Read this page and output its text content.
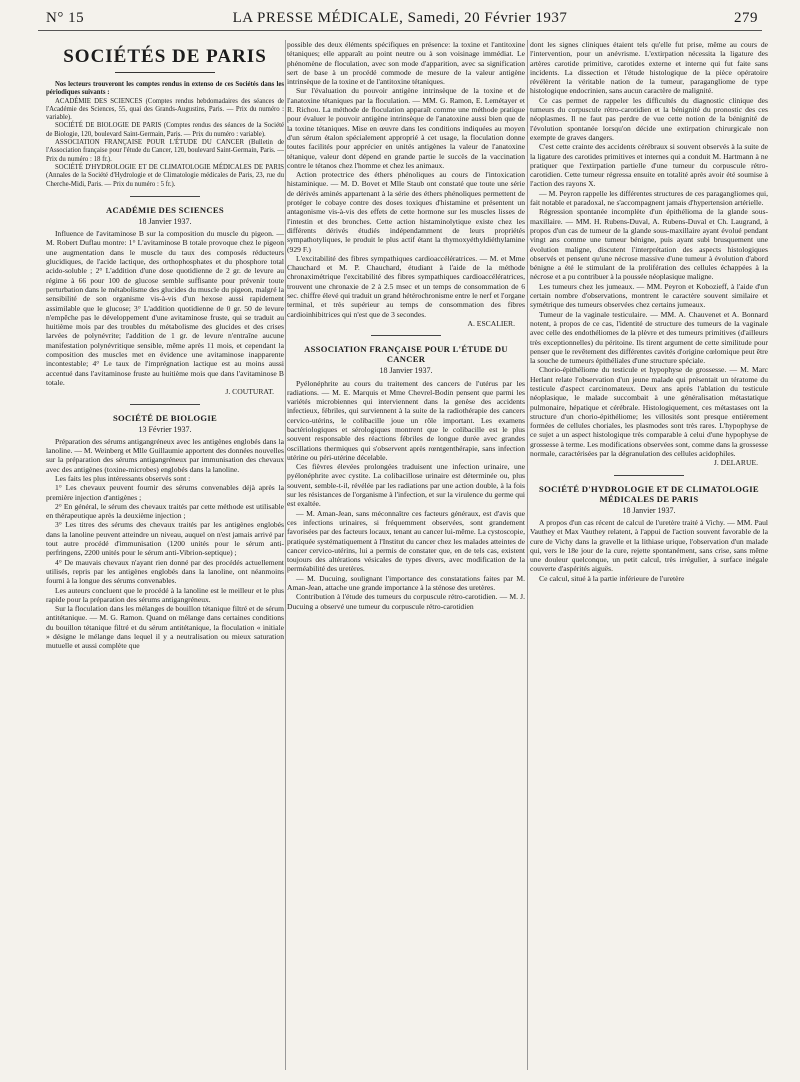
N° 15	LA PRESSE MÉDICALE, Samedi, 20 Février 1937	279
SOCIÉTÉS DE PARIS

Nos lecteurs trouveront les comptes rendus in extenso de ces Sociétés dans les périodiques suivants :

ACADÉMIE DES SCIENCES (Comptes rendus hebdomadaires des séances de l'Académie des Sciences, 55, quai des Grands-Augustins, Paris. — Prix du numéro : variable).

SOCIÉTÉ DE BIOLOGIE DE PARIS (Comptes rendus des séances de la Société de Biologie, 120, boulevard Saint-Germain, Paris. — Prix du numéro : variable).

ASSOCIATION FRANÇAISE POUR L'ÉTUDE DU CANCER (Bulletin de l'Association française pour l'étude du Cancer, 120, boulevard Saint-Germain, Paris. — Prix du numéro : 18 fr.).

SOCIÉTÉ D'HYDROLOGIE ET DE CLIMATOLOGIE MÉDICALES DE PARIS (Annales de la Société d'Hydrologie et de Climatologie médicales de Paris, 23, rue du Cherche-Midi, Paris. — Prix du numéro : 5 fr.).

ACADÉMIE DES SCIENCES
18 Janvier 1937.

Influence de l'avitaminose B sur la composition du muscle du pigeon. — M. Robert Duflau montre: 1° L'avitaminose B totale provoque chez le pigeon une augmentation dans le muscle du taux des composés réducteurs glucidiques, de l'acide lactique, des orthophosphates et du phosphore total acido-soluble ; 2° L'addition d'une dose quotidienne de 2 gr. de levure au régime à 66 pour 100 de glucose semble suffisante pour prévenir toute perturbation dans le métabolisme des glucides du muscle du pigeon, malgré la sensibilité de son organisme vis-à-vis d'un hexose aussi rapidement assimilable que le glucose; 3° L'addition quotidienne de 0 gr. 50 de levure n'empêche pas le développement d'une avitaminose fruste, qui se traduit au huitième mois par des troubles du métabolisme des glucides et des crises larvées de polynévrite; l'addition de 1 gr. de levure n'entraîne aucune manifestation polynévritique sensible, même après 11 mois, et cependant la composition des muscles met en évidence une avitaminose inapparente incontestable; 4° Le taux de l'imprégnation lactique est au moins aussi accentué dans l'avitaminose fruste au huitième mois que dans l'avitaminose B totale.

J. COUTURAT.

SOCIÉTÉ DE BIOLOGIE
13 Février 1937.

Préparation des sérums antigangréneux avec les antigènes englobés dans la lanoline. — M. Weinberg et Mlle Guillaumie apportent des données nouvelles sur la préparation des sérums antigangréneux par immunisation des chevaux avec des antigènes (toxine-microbes) englobés dans la lanoline.

Les faits les plus intéressants observés sont :

1° Les chevaux peuvent fournir des sérums convenables déjà après la première injection d'antigènes ;

2° En général, le sérum des chevaux traités par cette méthode est utilisable en thérapeutique après la deuxième injection ;

3° Les titres des sérums des chevaux traités par les antigènes englobés dans la lanoline peuvent atteindre un niveau, auquel on n'est jamais arrivé par tout autre procédé d'immunisation (1200 unités pour le sérum anti-perfringens, 2200 unités pour le sérum anti-Vibrion-septique) ;

4° De mauvais chevaux n'ayant rien donné par des procédés actuellement utilisés, repris par les antigènes englobés dans la lanoline, ont néanmoins fourni à la longue des sérums convenables.

Les auteurs concluent que le procédé à la lanoline est le meilleur et le plus rapide pour la préparation des sérums antigangréneux.

Sur la floculation dans les mélanges de bouillon tétanique filtré et de sérum antitétanique. — M. G. Ramon. Quand on mélange dans certaines conditions du bouillon tétanique filtré et du sérum antitétanique, la floculation « initiale » désigne le mélange dans lequel il y a neutralisation ou mieux saturation mutuelle et aussi complète que

possible des deux éléments spécifiques en présence: la toxine et l'antitoxine tétaniques; elle apparaît au point neutre ou à son voisinage immédiat. Le phénomène de floculation, avec son mode d'apparition, avec sa signification sert de base à un procédé commode de mesure de la valeur antigène intrinsèque de la toxine et de l'antitoxine tétaniques.

Sur l'évaluation du pouvoir antigène intrinsèque de la toxine et de l'anatoxine tétaniques par la floculation. — MM. G. Ramon, E. Lemétayer et R. Richou. La méthode de floculation apparaît comme une méthode pratique pour évaluer le pouvoir antigène intrinsèque de l'anatoxine aussi bien que de la toxine tétaniques. Mise en œuvre dans les conditions indiquées au moyen d'un sérum étalon spécialement approprié à cet usage, la floculation donne toutes facilités pour apprécier en unités antigènes la valeur de l'anatoxine tétanique, valeur dont dépend en grande partie le succès de la vaccination contre le tétanos chez l'homme et chez les animaux.

Action protectrice des éthers phénoliques au cours de l'intoxication histaminique. — M. D. Bovet et Mlle Staub ont constaté que toute une série de dérivés aminés appartenant à la série des éthers phénoliques permettent de protéger le cobaye contre des doses toxiques d'histamine et présentent un antagonisme vis-à-vis des effets de cette hormone sur les muscles lisses de l'intestin et des bronches. Cette action histaminolytique existe chez les différents dérivés étudiés indépendamment de leurs propriétés sympathotyliques, le produit le plus actif étant la thymoxyéthyldiéthylamine (929 F.)

L'excitabilité des fibres sympathiques cardioaccélératrices. — M. et Mme Chauchard et M. P. Chauchard, étudiant à l'aide de la méthode chronaximétrique l'excitabilité des fibres sympathiques cardioaccélératrices, trouvent une chronaxie de 2 à 2.5 msec et un temps de consommation de 6 sec. chiffre élevé qui traduit un grand hétérochronisme entre le nerf et l'organe terminal, et très supérieur au temps de consommation des fibres cardioinhibitrices qui n'est que de 3 secondes.

A. ESCALIER.

ASSOCIATION FRANÇAISE POUR L'ÉTUDE DU CANCER
18 Janvier 1937.

Pyélonéphrite au cours du traitement des cancers de l'utérus par les radiations. — M. E. Marquis et Mme Chevrel-Bodin pensent que parmi les variétés microbiennes qui interviennent dans la genèse des accidents infectieux, fébriles, qui surviennent à la suite de la radiothérapie des cancers cervico-utérins, le colibacille joue un rôle important. Les examens bactériologiques et sérologiques montrent que le colibacille est le plus souvent responsable des réactions fébriles de longue durée avec grandes oscillations thermiques qui s'observent après rœntgenthérapie, sans infection utérine ou péri-utérine décelable.

Ces fièvres élevées prolongées traduisent une infection urinaire, une pyélonéphrite avec cystite. La colibacillose urinaire est déterminée ou, plus souvent, semble-t-il, révélée par les radiations par une action double, à la fois sur les résistances de l'organisme à l'infection, et sur la virulence du germe qui est exaltée.

— M. Aman-Jean, sans méconnaître ces facteurs généraux, est d'avis que ces infections urinaires, si fréquemment observées, sont grandement favorisées par des facteurs locaux, tenant au cancer lui-même. La cystoscopie, pratiquée systématiquement à l'Institut du cancer chez les malades atteintes de cancer cervico-utérins, lui a permis de constater que, en de tels cas, existent toujours des altérations vésicales de types divers, avec modification de la perméabilité des uretères.

— M. Ducuing, soulignant l'importance des constatations faites par M. Aman-Jean, attache une grande importance à la sténose des uretères.

Contribution à l'étude des tumeurs du corpuscule rétro-carotidien. — M. J. Ducuing a observé une tumeur du corpuscule rétro-carotidien

dont les signes cliniques étaient tels qu'elle fut prise, même au cours de l'intervention, pour un anévrisme. L'extirpation nécessita la ligature des artères carotide primitive, carotides externe et interne qui fut faite sans incidents. La dissection et l'étude histologique de la pièce opératoire révélèrent la véritable nation de la tumeur, paragangliome de type histologique endocrinien, sans aucun caractère de malignité.

Ce cas permet de rappeler les difficultés du diagnostic clinique des tumeurs du corpuscule rétro-carotidien et la bénignité du pronostic des ces néoplasmes. Il ne faut pas perdre de vue cette notion de la bénignité de l'évolution spontanée lorsqu'on décide une extirpation chirurgicale non exempte de graves dangers.

C'est cette crainte des accidents cérébraux si souvent observés à la suite de la ligature des carotides primitives et internes qui a conduit M. Hartmann à ne pratiquer que l'extirpation partielle d'une tumeur du corpuscule rétro-carotidien. Cette tumeur régressa ensuite en totalité après avoir été soumise à l'action des rayons X.

— M. Peyron rappelle les différentes structures de ces paragangliomes qui, fait notable et paradoxal, ne s'accompagnent jamais d'hypertension artérielle.

Régression spontanée incomplète d'un épithélioma de la glande sous-maxillaire. — MM. H. Rubens-Duval, A. Rubens-Duval et Ch. Laugrand, à propos d'un cas de tumeur de la glande sous-maxillaire ayant évolué pendant vingt ans comme une tumeur bénigne, puis ayant subi brusquement une évolution maligne, discutent l'interprétation des aspects histologiques observés et pensent qu'une nécrose massive d'une tumeur à évolution d'abord bénigne a été le stimulant de la prolifération des cellules échappées à la nécrose et a pu contribuer à la poussée néoplasique maligne.

Les tumeurs chez les jumeaux. — MM. Peyron et Kobozieff, à l'aide d'un certain nombre d'observations, montrent le caractère souvent similaire et symétrique des tumeurs observées chez certains jumeaux.

Tumeur de la vaginale testiculaire. — MM. A. Chauvenet et A. Bonnard notent, à propos de ce cas, l'identité de structure des tumeurs de la vaginale avec celle des endothéliomes de la plèvre et des tumeurs primitives (d'ailleurs très exceptionnelles) du péritoine. Ils tirent argument de cette similitude pour penser que le revêtement des différentes cavités d'origine cœlomique peut être la souche de tumeurs épithéliales d'une structure spéciale.

Chorio-épithéliome du testicule et hypophyse de grossesse. — M. Marc Herlant relate l'observation d'un jeune malade qui présentait un tératome du testicule d'aspect carcinomateux. Deux ans après l'ablation du testicule néoplasique, le malade succombait à une généralisation métastatique pulmonaire, hépatique et cérébrale. Histologiquement, ces métastases ont la structure d'un chorio-épithéliome; les villosités sont presque entièrement formées de cellules choriales, les plasmodes sont très rares. L'hypophyse de ce sujet a un aspect histologique très comparable à celui d'une hypophyse de grossesse à terme. Les modifications observées sont, comme dans la grossesse normale, caractérisées par la dégranulation des cellules acidophiles.

J. DELARUE.

SOCIÉTÉ D'HYDROLOGIE ET DE CLIMATOLOGIE MÉDICALES DE PARIS
18 Janvier 1937.

A propos d'un cas récent de calcul de l'uretère traité à Vichy. — MM. Paul Vauthey et Max Vauthey relatent, à l'appui de l'action souvent favorable de la cure de Vichy dans la gravelle et la lithiase urique, l'observation d'un malade qui, vers le 18e jour de la cure, rejette spontanément, sans crise, sans même une douleur quelconque, un petit calcul, très irrégulier, à surface inégale couverte d'aspérités aiguës.

Ce calcul, situé à la partie inférieure de l'uretère
